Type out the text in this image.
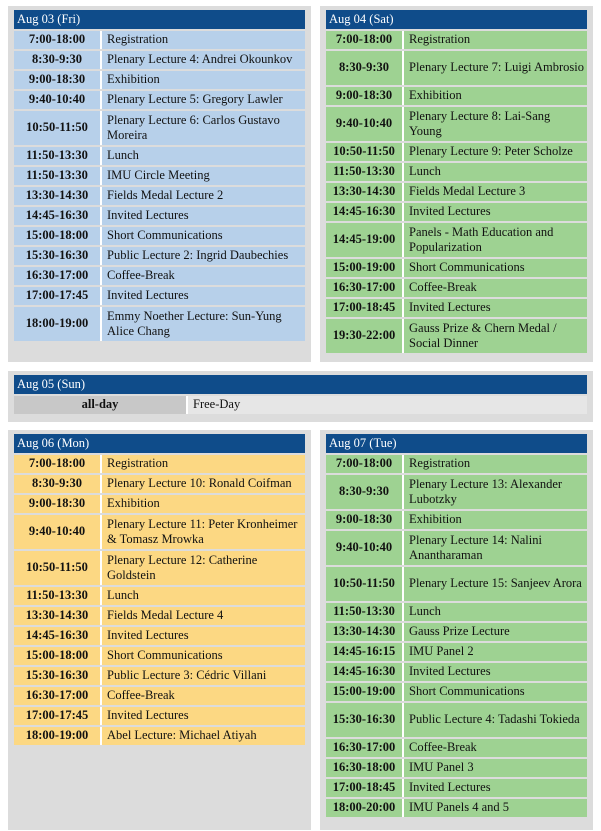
Aug 03 (Fri)
7:00-18:00	Registration
8:30-9:30	Plenary Lecture 4: Andrei Okounkov
9:00-18:30	Exhibition
9:40-10:40	Plenary Lecture 5: Gregory Lawler
10:50-11:50	Plenary Lecture 6: Carlos Gustavo Moreira
11:50-13:30	Lunch
11:50-13:30	IMU Circle Meeting
13:30-14:30	Fields Medal Lecture 2
14:45-16:30	Invited Lectures
15:00-18:00	Short Communications
15:30-16:30	Public Lecture 2: Ingrid Daubechies
16:30-17:00	Coffee-Break
17:00-17:45	Invited Lectures
18:00-19:00	Emmy Noether Lecture: Sun-Yung Alice Chang
Aug 04 (Sat)
7:00-18:00	Registration
8:30-9:30	Plenary Lecture 7: Luigi Ambrosio
9:00-18:30	Exhibition
9:40-10:40	Plenary Lecture 8: Lai-Sang Young
10:50-11:50	Plenary Lecture 9: Peter Scholze
11:50-13:30	Lunch
13:30-14:30	Fields Medal Lecture 3
14:45-16:30	Invited Lectures
14:45-19:00	Panels - Math Education and Popularization
15:00-19:00	Short Communications
16:30-17:00	Coffee-Break
17:00-18:45	Invited Lectures
19:30-22:00	Gauss Prize & Chern Medal / Social Dinner
Aug 05 (Sun)
all-day	Free-Day
Aug 06 (Mon)
7:00-18:00	Registration
8:30-9:30	Plenary Lecture 10: Ronald Coifman
9:00-18:30	Exhibition
9:40-10:40	Plenary Lecture 11: Peter Kronheimer & Tomasz Mrowka
10:50-11:50	Plenary Lecture 12: Catherine Goldstein
11:50-13:30	Lunch
13:30-14:30	Fields Medal Lecture 4
14:45-16:30	Invited Lectures
15:00-18:00	Short Communications
15:30-16:30	Public Lecture 3: Cédric Villani
16:30-17:00	Coffee-Break
17:00-17:45	Invited Lectures
18:00-19:00	Abel Lecture: Michael Atiyah
Aug 07 (Tue)
7:00-18:00	Registration
8:30-9:30	Plenary Lecture 13: Alexander Lubotzky
9:00-18:30	Exhibition
9:40-10:40	Plenary Lecture 14: Nalini Anantharaman
10:50-11:50	Plenary Lecture 15: Sanjeev Arora
11:50-13:30	Lunch
13:30-14:30	Gauss Prize Lecture
14:45-16:15	IMU Panel 2
14:45-16:30	Invited Lectures
15:00-19:00	Short Communications
15:30-16:30	Public Lecture 4: Tadashi Tokieda
16:30-17:00	Coffee-Break
16:30-18:00	IMU Panel 3
17:00-18:45	Invited Lectures
18:00-20:00	IMU Panels 4 and 5
